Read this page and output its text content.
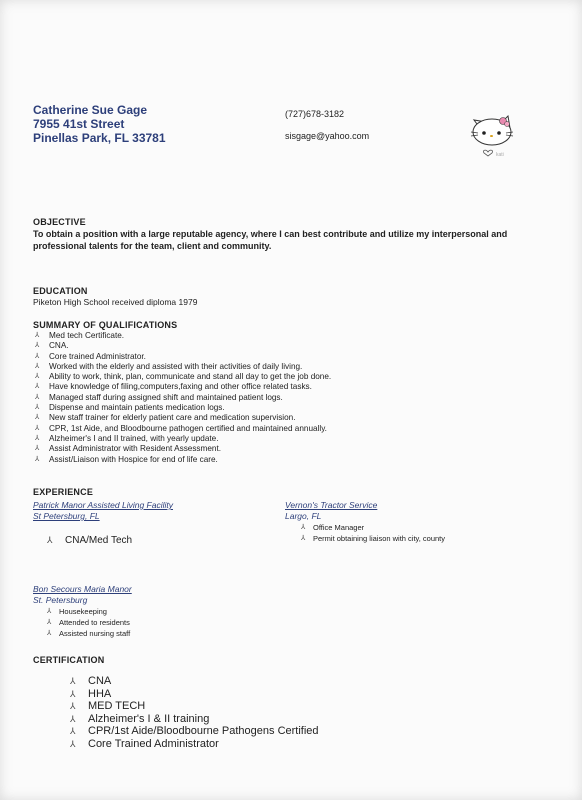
Catherine Sue Gage
7955 41st Street
Pinellas Park, FL 33781
(727)678-3182
sisgage@yahoo.com
kati
OBJECTIVE
To obtain a position with a large reputable agency, where I can best contribute and utilize my interpersonal and professional talents for the team, client and community.
EDUCATION
Piketon High School received diploma 1979
SUMMARY OF QUALIFICATIONS
⅄ Med tech Certificate.
⅄ CNA.
⅄ Core trained Administrator.
⅄ Worked with the elderly and assisted with their activities of daily living.
⅄ Ability to work, think, plan, communicate and stand all day to get the job done.
⅄ Have knowledge of filing,computers,faxing and other office related tasks.
⅄ Managed staff during assigned shift and maintained patient logs.
⅄ Dispense and maintain patients medication logs.
⅄ New staff trainer for elderly patient care and medication supervision.
⅄ CPR, 1st Aide, and Bloodbourne pathogen certified and maintained annually.
⅄ Alzheimer's I and II trained, with yearly update.
⅄ Assist Administrator with Resident Assessment.
⅄ Assist/Liaison with Hospice for end of life care.
EXPERIENCE
Patrick Manor Assisted Living Facility
St Petersburg, FL
⅄ CNA/Med Tech
Vernon's Tractor Service
Largo, FL
⅄ Office Manager
⅄ Permit obtaining liaison with city, county
Bon Secours Maria Manor
St. Petersburg
⅄ Housekeeping
⅄ Attended to residents
⅄ Assisted nursing staff
CERTIFICATION
⅄ CNA
⅄ HHA
⅄ MED TECH
⅄ Alzheimer's I & II training
⅄ CPR/1st Aide/Bloodbourne Pathogens Certified
⅄ Core Trained Administrator
